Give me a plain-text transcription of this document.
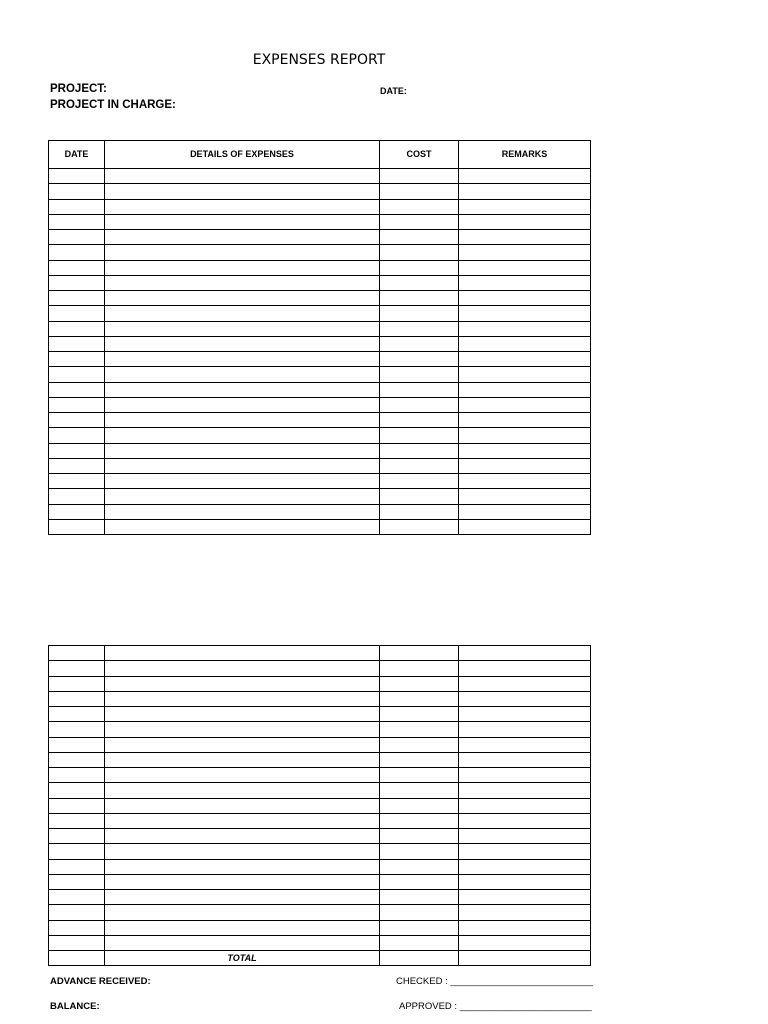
EXPENSES REPORT
PROJECT:
PROJECT IN CHARGE:
DATE:
DATE	DETAILS OF EXPENSES	COST	REMARKS

	TOTAL		
ADVANCE RECEIVED:
BALANCE:
CHECKED : ___________________________
APPROVED : _________________________
